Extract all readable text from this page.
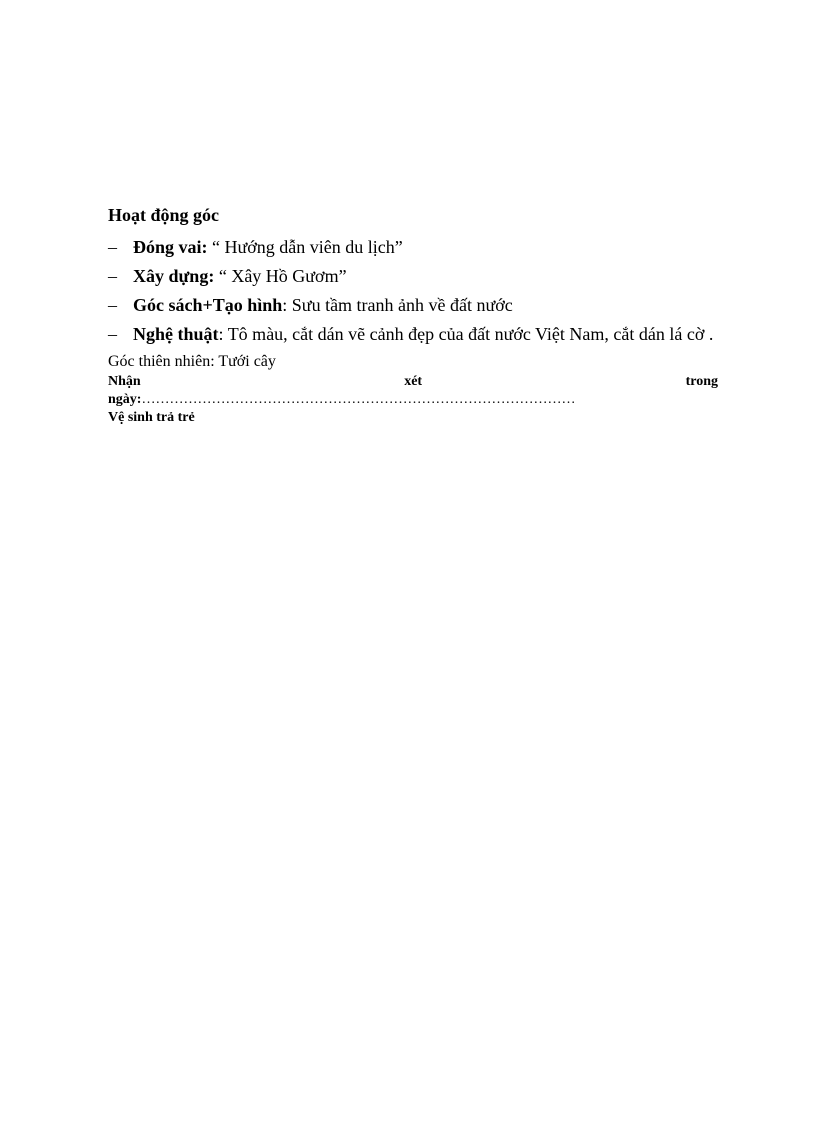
Hoạt động góc
– Đóng vai: “ Hướng dẫn viên du lịch”
– Xây dựng: “ Xây Hồ Gươm”
– Góc sách+Tạo hình: Sưu tầm tranh ảnh về đất nước
– Nghệ thuật: Tô màu, cắt dán vẽ cảnh đẹp của đất nước Việt Nam, cắt dán lá cờ .
Góc thiên nhiên: Tưới cây
Nhận	xét	trong
ngày:…………………………………………………………………………………
Vệ sinh trả trẻ
